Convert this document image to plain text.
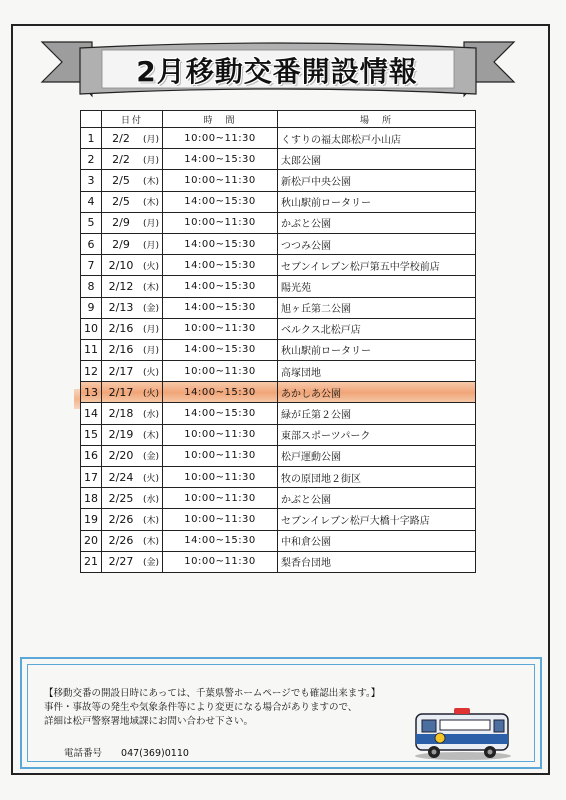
2月移動交番開設情報
	日付		時　間	場　所
1	2/2	(月)	10:00~11:30	くすりの福太郎松戸小山店
2	2/2	(月)	14:00~15:30	太郎公園
3	2/5	(木)	10:00~11:30	新松戸中央公園
4	2/5	(木)	14:00~15:30	秋山駅前ロータリー
5	2/9	(月)	10:00~11:30	かぶと公園
6	2/9	(月)	14:00~15:30	つつみ公園
7	2/10	(火)	14:00~15:30	セブンイレブン松戸第五中学校前店
8	2/12	(木)	14:00~15:30	陽光苑
9	2/13	(金)	14:00~15:30	旭ヶ丘第二公園
10	2/16	(月)	10:00~11:30	ベルクス北松戸店
11	2/16	(月)	14:00~15:30	秋山駅前ロータリー
12	2/17	(火)	10:00~11:30	高塚団地
13	2/17	(火)	14:00~15:30	あかしあ公園
14	2/18	(水)	14:00~15:30	緑が丘第２公園
15	2/19	(木)	10:00~11:30	東部スポーツパーク
16	2/20	(金)	10:00~11:30	松戸運動公園
17	2/24	(火)	10:00~11:30	牧の原団地２街区
18	2/25	(水)	10:00~11:30	かぶと公園
19	2/26	(木)	10:00~11:30	セブンイレブン松戸大橋十字路店
20	2/26	(木)	14:00~15:30	中和倉公園
21	2/27	(金)	10:00~11:30	梨香台団地
【移動交番の開設日時にあっては、千葉県警ホームページでも確認出来ます。】
事件・事故等の発生や気象条件等により変更になる場合がありますので、
詳細は松戸警察署地域課にお問い合わせ下さい。
電話番号 047(369)0110
